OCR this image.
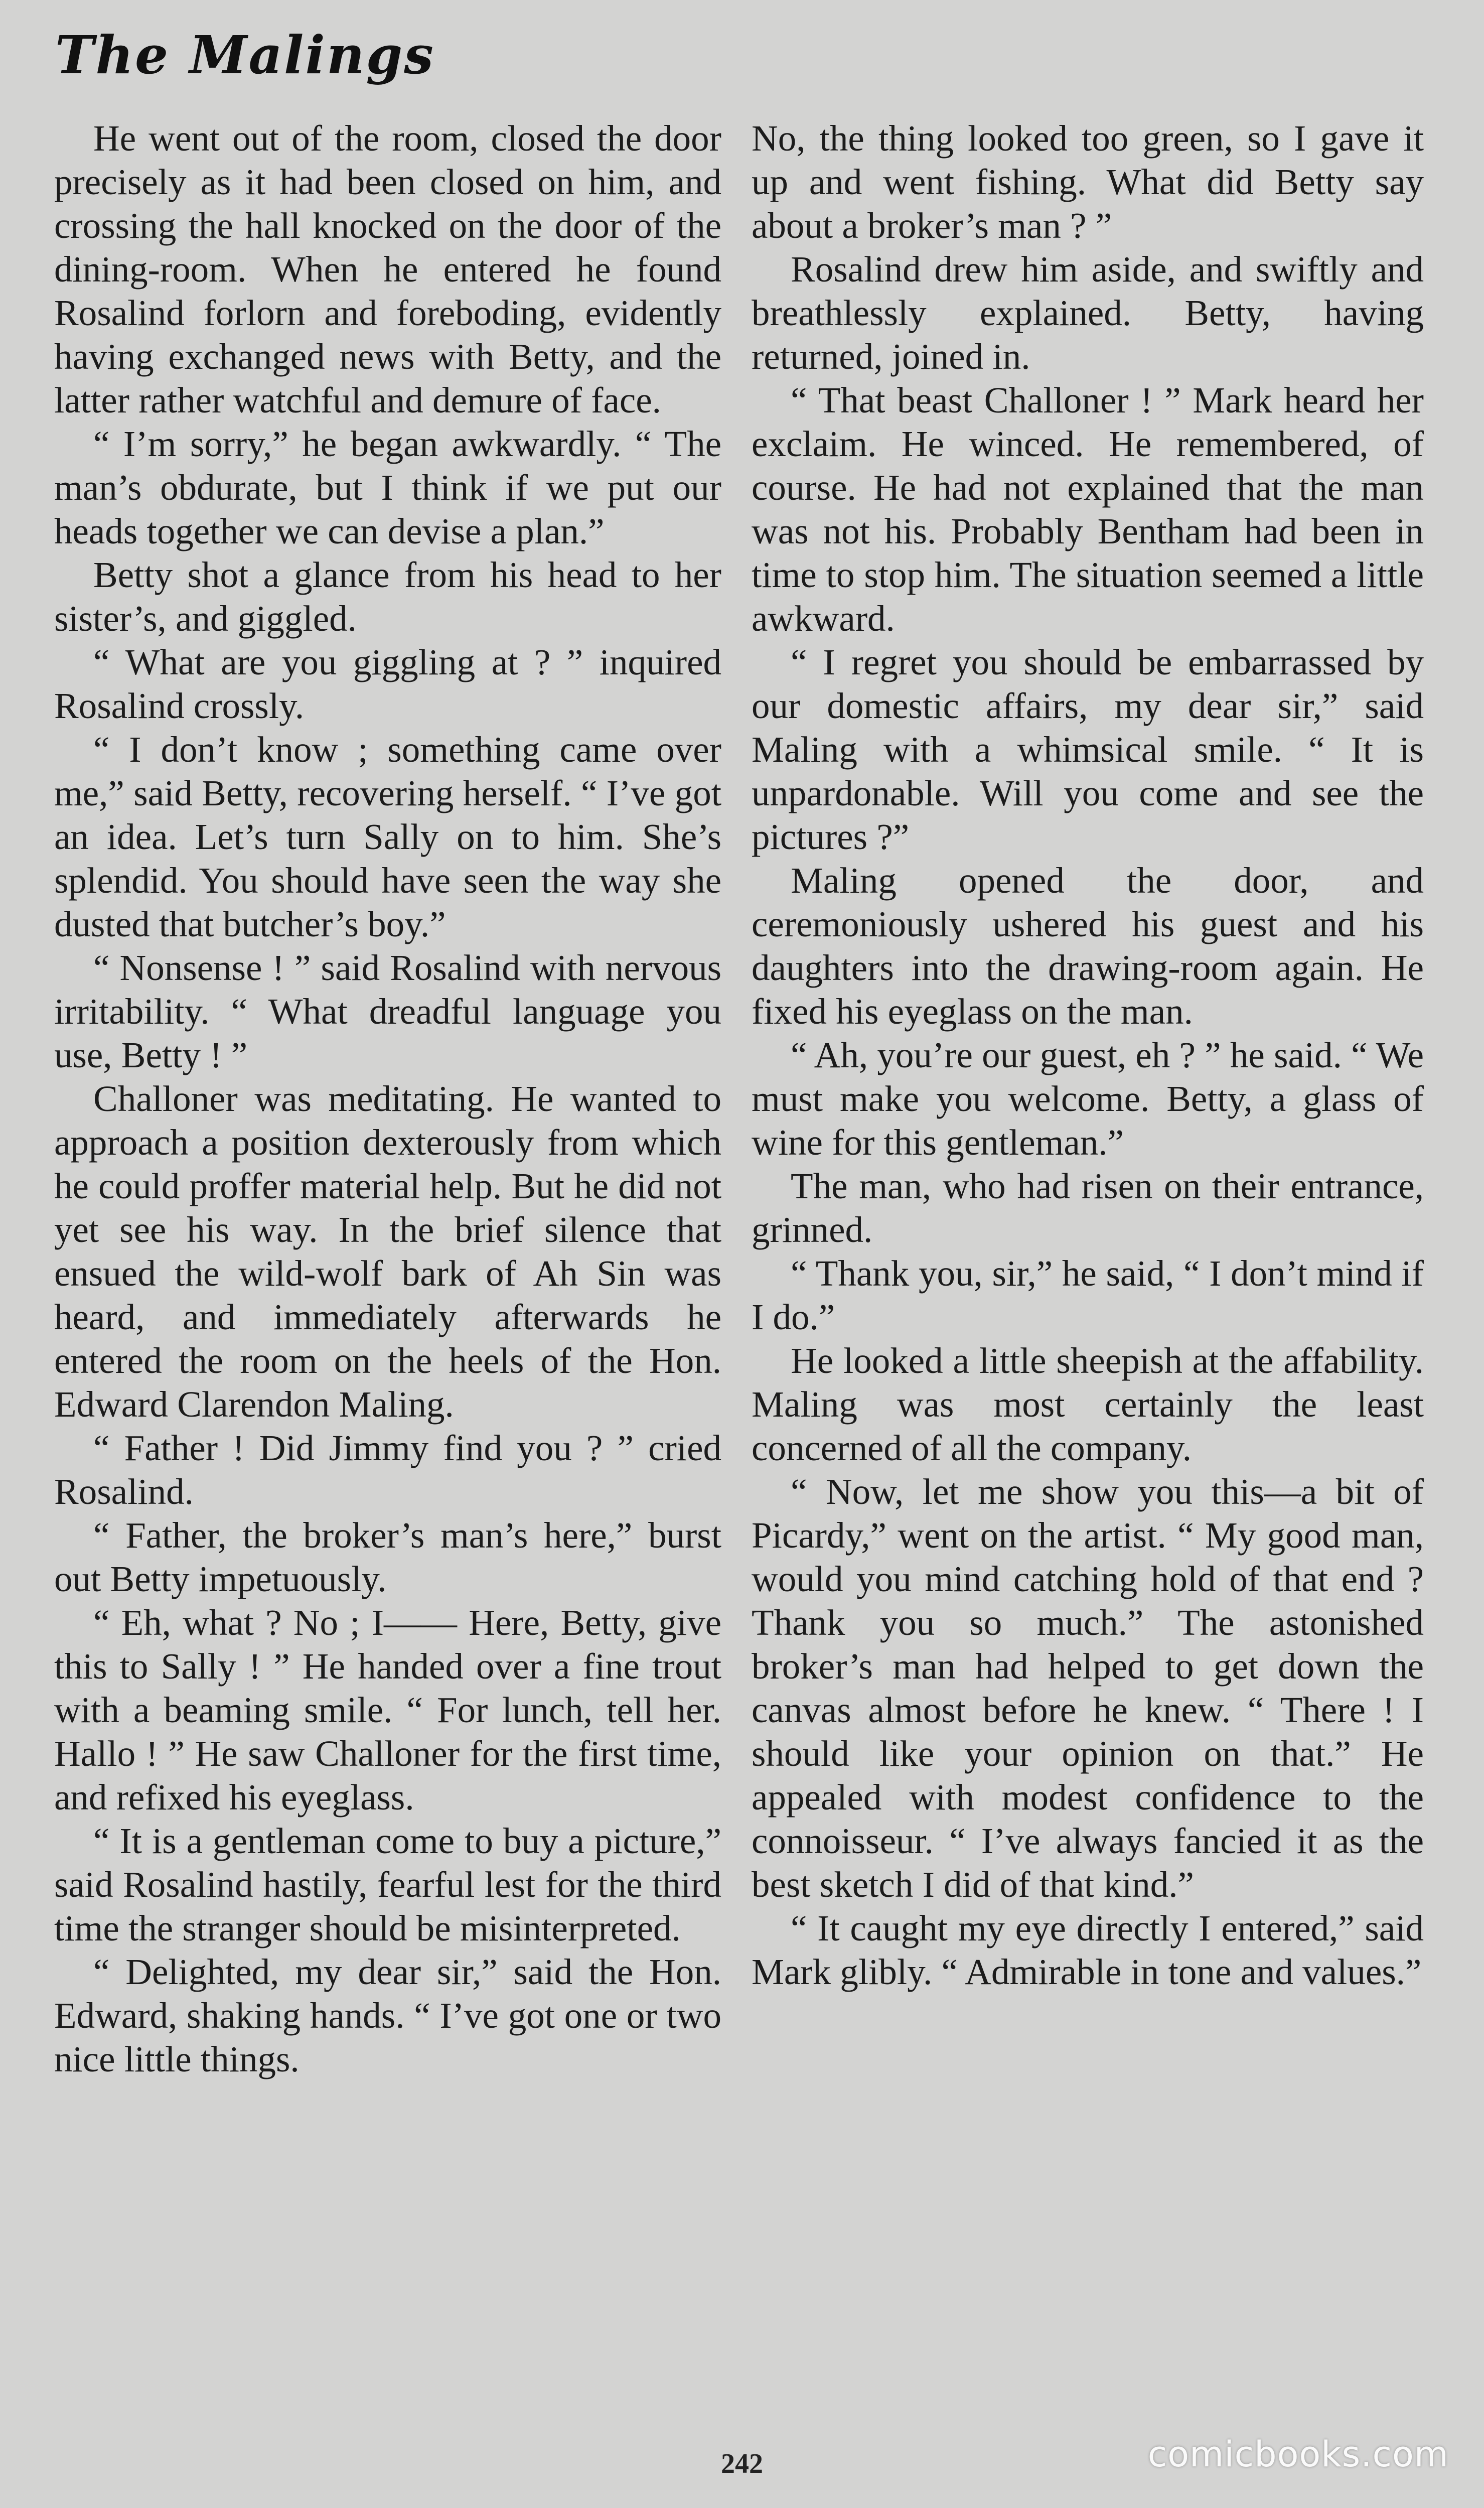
The Malings

He went out of the room, closed the door precisely as it had been closed on him, and crossing the hall knocked on the door of the dining-room. When he entered he found Rosalind forlorn and foreboding, evidently having exchanged news with Betty, and the latter rather watchful and demure of face.

“ I’m sorry,” he began awkwardly. “ The man’s obdurate, but I think if we put our heads together we can devise a plan.”

Betty shot a glance from his head to her sister’s, and giggled.

“ What are you giggling at ? ” inquired Rosalind crossly.

“ I don’t know ; something came over me,” said Betty, recovering herself. “ I’ve got an idea. Let’s turn Sally on to him. She’s splendid. You should have seen the way she dusted that butcher’s boy.”

“ Nonsense ! ” said Rosalind with nervous irritability. “ What dreadful language you use, Betty ! ”

Challoner was meditating. He wanted to approach a position dexterously from which he could proffer material help. But he did not yet see his way. In the brief silence that ensued the wild-wolf bark of Ah Sin was heard, and immediately afterwards he entered the room on the heels of the Hon. Edward Clarendon Maling.

“ Father ! Did Jimmy find you ? ” cried Rosalind.

“ Father, the broker’s man’s here,” burst out Betty impetuously.

“ Eh, what ? No ; I—— Here, Betty, give this to Sally ! ” He handed over a fine trout with a beaming smile. “ For lunch, tell her. Hallo ! ” He saw Challoner for the first time, and refixed his eyeglass.

“ It is a gentleman come to buy a picture,” said Rosalind hastily, fearful lest for the third time the stranger should be misinterpreted.

“ Delighted, my dear sir,” said the Hon. Edward, shaking hands. “ I’ve got one or two nice little things.

No, the thing looked too green, so I gave it up and went fishing. What did Betty say about a broker’s man ? ”

Rosalind drew him aside, and swiftly and breathlessly explained. Betty, having returned, joined in.

“ That beast Challoner ! ” Mark heard her exclaim. He winced. He remembered, of course. He had not explained that the man was not his. Probably Bentham had been in time to stop him. The situation seemed a little awkward.

“ I regret you should be embarrassed by our domestic affairs, my dear sir,” said Maling with a whimsical smile. “ It is unpardonable. Will you come and see the pictures ?”

Maling opened the door, and ceremoniously ushered his guest and his daughters into the drawing-room again. He fixed his eyeglass on the man.

“ Ah, you’re our guest, eh ? ” he said. “ We must make you welcome. Betty, a glass of wine for this gentleman.”

The man, who had risen on their entrance, grinned.

“ Thank you, sir,” he said, “ I don’t mind if I do.”

He looked a little sheepish at the affability. Maling was most certainly the least concerned of all the company.

“ Now, let me show you this—a bit of Picardy,” went on the artist. “ My good man, would you mind catching hold of that end ? Thank you so much.” The astonished broker’s man had helped to get down the canvas almost before he knew. “ There ! I should like your opinion on that.” He appealed with modest confidence to the connoisseur. “ I’ve always fancied it as the best sketch I did of that kind.”

“ It caught my eye directly I entered,” said Mark glibly. “ Admirable in tone and values.”

242	comicbooks.com
